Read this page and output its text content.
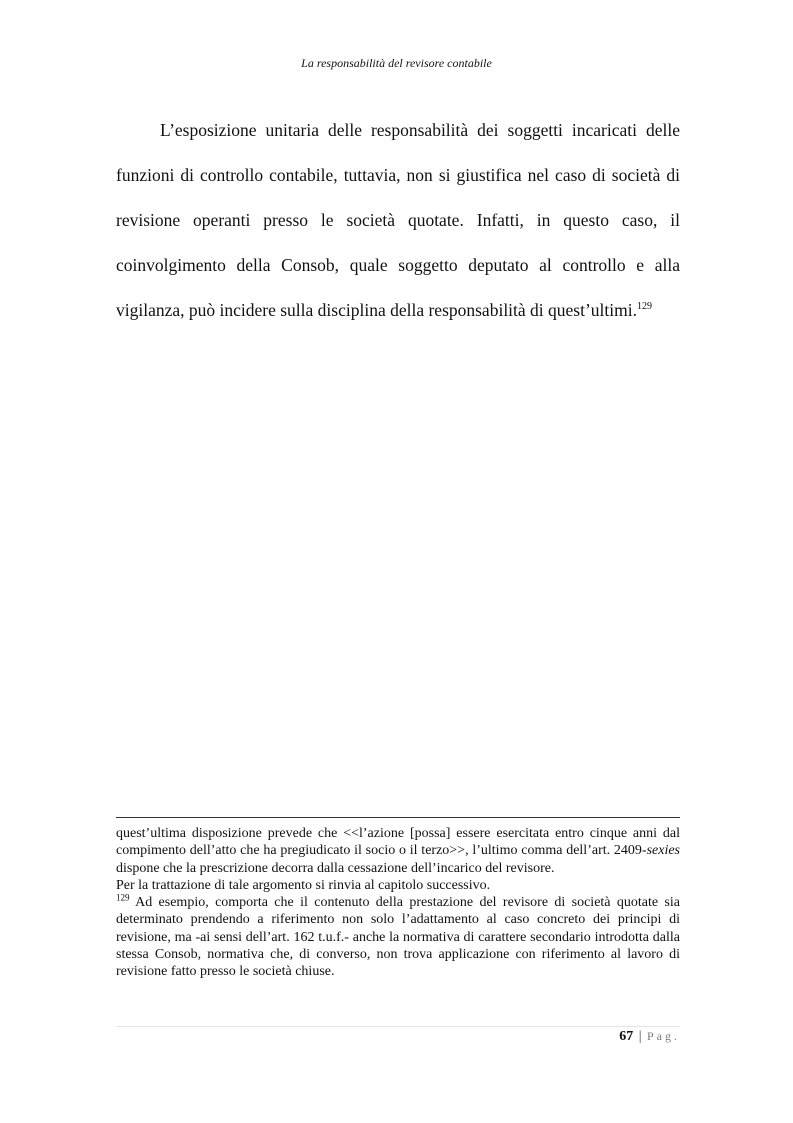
La responsabilità del revisore contabile

L’esposizione unitaria delle responsabilità dei soggetti incaricati delle funzioni di controllo contabile, tuttavia, non si giustifica nel caso di società di revisione operanti presso le società quotate. Infatti, in questo caso, il coinvolgimento della Consob, quale soggetto deputato al controllo e alla vigilanza, può incidere sulla disciplina della responsabilità di quest’ultimi.$^{129}$

quest’ultima disposizione prevede che <<l’azione [possa] essere esercitata entro cinque anni dal compimento dell’atto che ha pregiudicato il socio o il terzo>>, l’ultimo comma dell’art. 2409-sexies dispone che la prescrizione decorra dalla cessazione dell’incarico del revisore.

Per la trattazione di tale argomento si rinvia al capitolo successivo.

$^{129}$ Ad esempio, comporta che il contenuto della prestazione del revisore di società quotate sia determinato prendendo a riferimento non solo l’adattamento al caso concreto dei principi di revisione, ma -ai sensi dell’art. 162 t.u.f.- anche la normativa di carattere secondario introdotta dalla stessa Consob, normativa che, di converso, non trova applicazione con riferimento al lavoro di revisione fatto presso le società chiuse.

67 | Pag.
